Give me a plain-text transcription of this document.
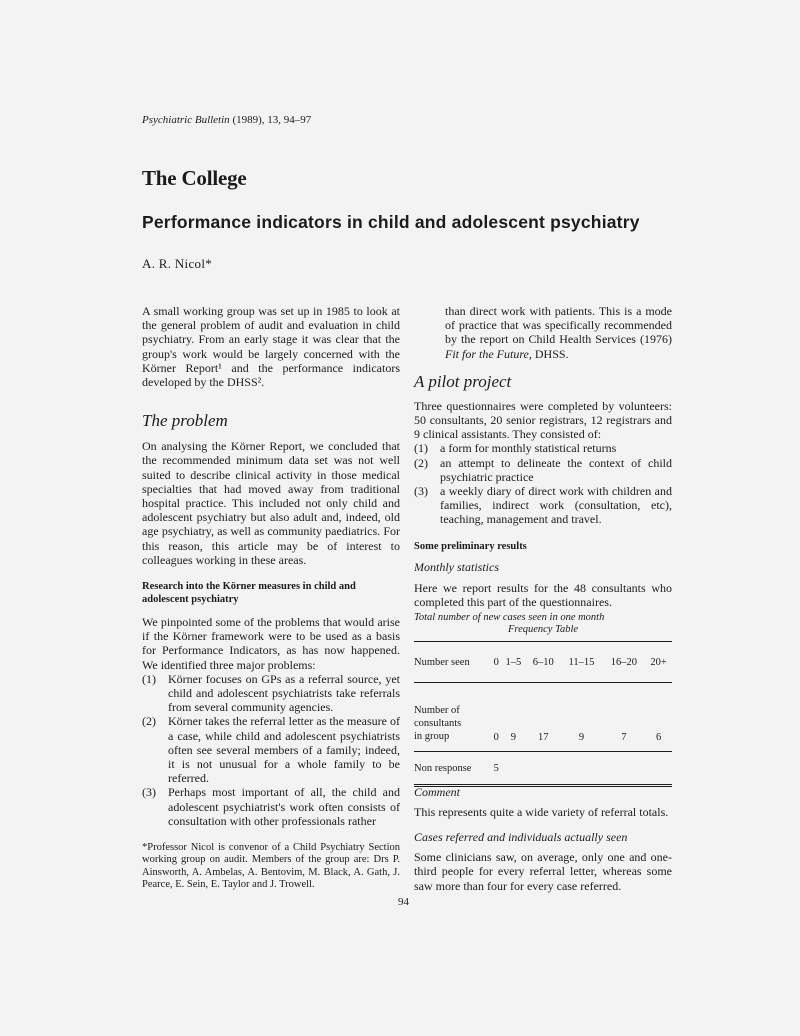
Psychiatric Bulletin (1989), 13, 94–97
The College
Performance indicators in child and adolescent psychiatry
A. R. Nicol*

A small working group was set up in 1985 to look at the general problem of audit and evaluation in child psychiatry. From an early stage it was clear that the group's work would be largely concerned with the Körner Report¹ and the performance indicators developed by the DHSS².

The problem

On analysing the Körner Report, we concluded that the recommended minimum data set was not well suited to describe clinical activity in those medical specialties that had moved away from traditional hospital practice. This included not only child and adolescent psychiatry but also adult and, indeed, old age psychiatry, as well as community paediatrics. For this reason, this article may be of interest to colleagues working in these areas.

Research into the Körner measures in child and adolescent psychiatry

We pinpointed some of the problems that would arise if the Körner framework were to be used as a basis for Performance Indicators, as has now happened. We identified three major problems:

(1)	Körner focuses on GPs as a referral source, yet child and adolescent psychiatrists take referrals from several community agencies.
(2)	Körner takes the referral letter as the measure of a case, while child and adolescent psychiatrists often see several members of a family; indeed, it is not unusual for a whole family to be referred.
(3)	Perhaps most important of all, the child and adolescent psychiatrist's work often consists of consultation with other professionals rather

than direct work with patients. This is a mode of practice that was specifically recommended by the report on Child Health Services (1976) Fit for the Future, DHSS.

A pilot project

Three questionnaires were completed by volunteers: 50 consultants, 20 senior registrars, 12 registrars and 9 clinical assistants. They consisted of:

(1)	a form for monthly statistical returns
(2)	an attempt to delineate the context of child psychiatric practice
(3)	a weekly diary of direct work with children and families, indirect work (consultation, etc), teaching, management and travel.

Some preliminary results

Monthly statistics

Here we report results for the 48 consultants who completed this part of the questionnaires.

Total number of new cases seen in one month
Frequency Table
Number seen	0	1–5	6–10	11–15	16–20	20+
Number of
consultants
in group	0	9	17	9	7	6
Non response	5					

Comment

This represents quite a wide variety of referral totals.

Cases referred and individuals actually seen

Some clinicians saw, on average, only one and one-third people for every referral letter, whereas some saw more than four for every case referred.

*Professor Nicol is convenor of a Child Psychiatry Section working group on audit. Members of the group are: Drs P. Ainsworth, A. Ambelas, A. Bentovim, M. Black, A. Gath, J. Pearce, E. Sein, E. Taylor and J. Trowell.
94
